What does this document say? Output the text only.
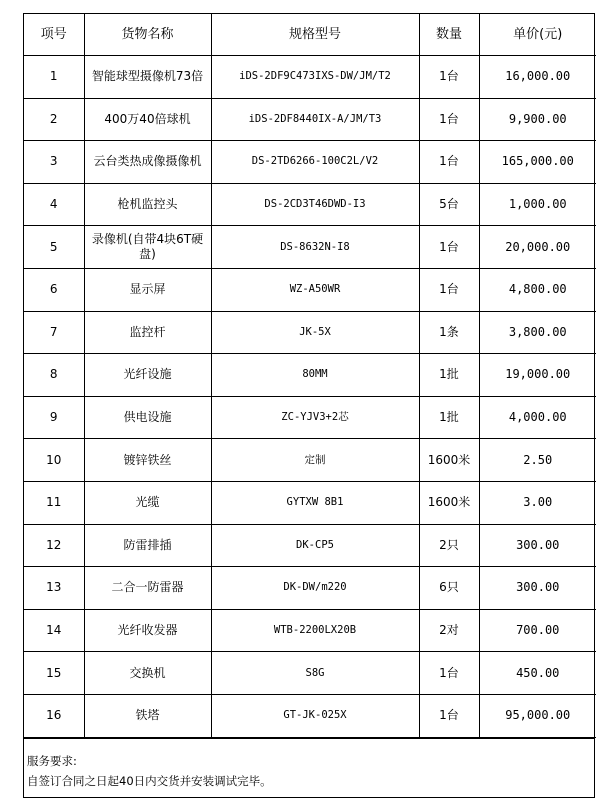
项号	货物名称	规格型号	数量	单价(元)
1	智能球型摄像机73倍	iDS-2DF9C473IXS-DW/JM/T2	1台	16,000.00
2	400万40倍球机	iDS-2DF8440IX-A/JM/T3	1台	9,900.00
3	云台类热成像摄像机	DS-2TD6266-100C2L/V2	1台	165,000.00
4	枪机监控头	DS-2CD3T46DWD-I3	5台	1,000.00
5	录像机(自带4块6T硬盘)	DS-8632N-I8	1台	20,000.00
6	显示屏	WZ-A50WR	1台	4,800.00
7	监控杆	JK-5X	1条	3,800.00
8	光纤设施	80MM	1批	19,000.00
9	供电设施	ZC-YJV3+2芯	1批	4,000.00
10	镀锌铁丝	定制	1600米	2.50
11	光缆	GYTXW 8B1	1600米	3.00
12	防雷排插	DK-CP5	2只	300.00
13	二合一防雷器	DK-DW/m220	6只	300.00
14	光纤收发器	WTB-2200LX20B	2对	700.00
15	交换机	S8G	1台	450.00
16	铁塔	GT-JK-025X	1台	95,000.00
服务要求:
自签订合同之日起40日内交货并安装调试完毕。
